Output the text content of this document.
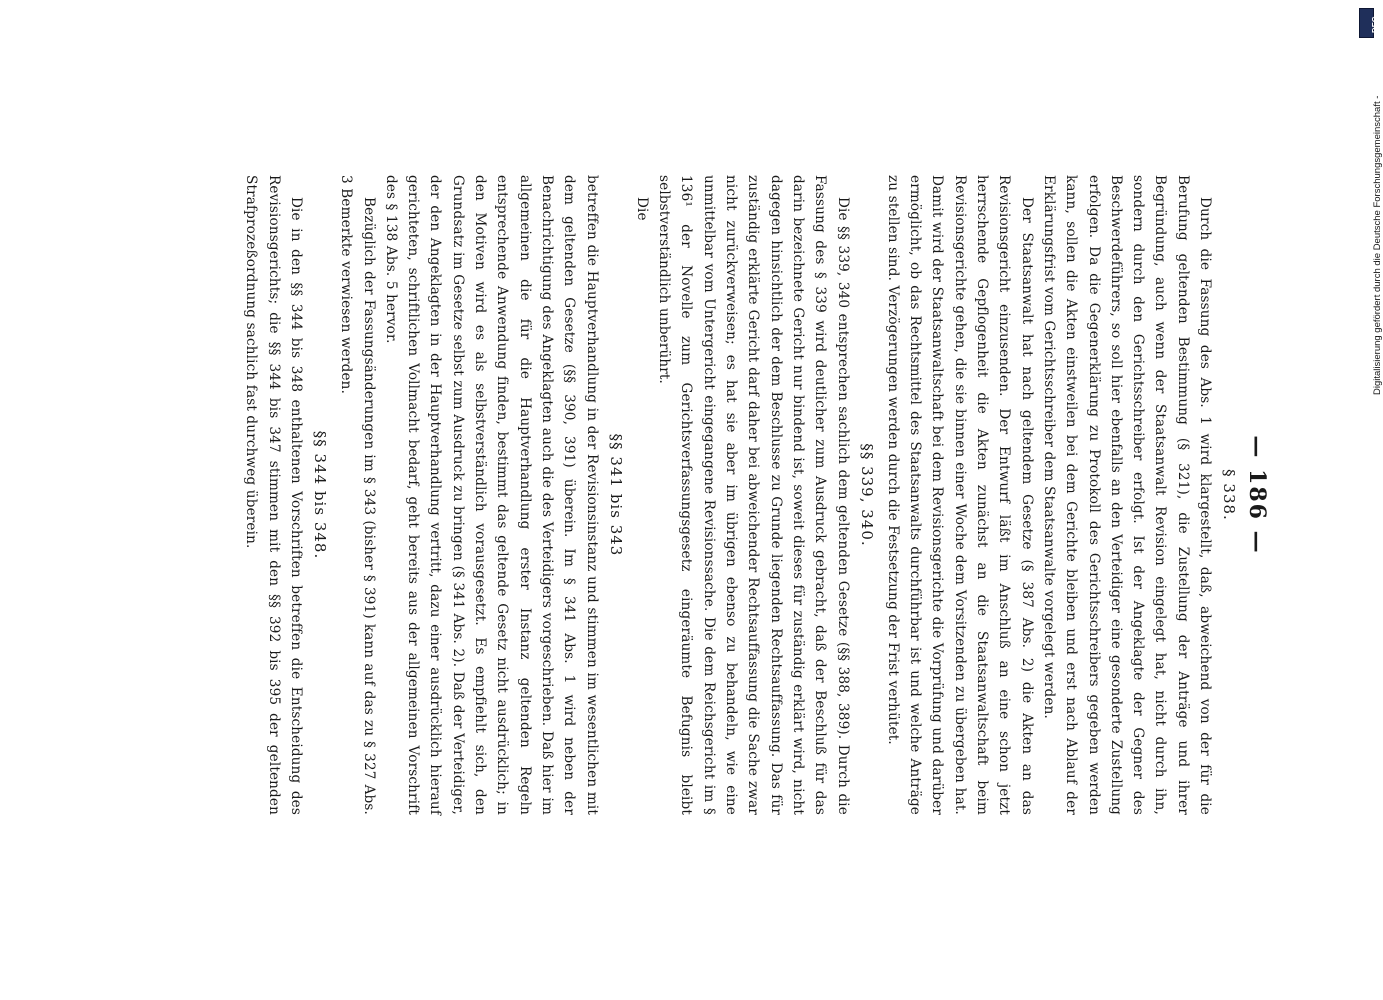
— 186 —
§ 338.

Durch die Fassung des Abs. 1 wird klargestellt, daß, abweichend von der für die Berufung geltenden Bestimmung (§ 321), die Zustellung der Anträge und ihrer Begründung, auch wenn der Staatsanwalt Revision eingelegt hat, nicht durch ihn, sondern durch den Gerichtsschreiber erfolgt. Ist der Angeklagte der Gegner des Beschwerdeführers, so soll hier ebenfalls an den Verteidiger eine gesonderte Zustellung erfolgen. Da die Gegenerklärung zu Protokoll des Gerichtsschreibers gegeben werden kann, sollen die Akten einstweilen bei dem Gerichte bleiben und erst nach Ablauf der Erklärungsfrist vom Gerichtsschreiber dem Staatsanwalte vorgelegt werden.

Der Staatsanwalt hat nach geltendem Gesetze (§ 387 Abs. 2) die Akten an das Revisionsgericht einzusenden. Der Entwurf läßt im Anschluß an eine schon jetzt herrschende Gepflogenheit die Akten zunächst an die Staatsanwaltschaft beim Revisionsgerichte gehen, die sie binnen einer Woche dem Vorsitzenden zu übergeben hat. Damit wird der Staatsanwaltschaft bei dem Revisionsgerichte die Vorprüfung und darüber ermöglicht, ob das Rechtsmittel des Staatsanwalts durchführbar ist und welche Anträge zu stellen sind. Verzögerungen werden durch die Festsetzung der Frist verhütet.

§§ 339, 340.

Die §§ 339, 340 entsprechen sachlich dem geltenden Gesetze (§§ 388, 389). Durch die Fassung des § 339 wird deutlicher zum Ausdruck gebracht, daß der Beschluß für das darin bezeichnete Gericht nur bindend ist, soweit dieses für zuständig erklärt wird, nicht dagegen hinsichtlich der dem Beschlusse zu Grunde liegenden Rechtsauffassung. Das für zuständig erklärte Gericht darf daher bei abweichender Rechtsauffassung die Sache zwar nicht zurückverweisen; es hat sie aber im übrigen ebenso zu behandeln, wie eine unmittelbar vom Untergericht eingegangene Revisionssache. Die dem Reichsgericht im § 136¹ der Novelle zum Gerichtsverfassungsgesetz eingeräumte Befugnis bleibt selbstverständlich unberührt.

Die

§§ 341 bis 343

betreffen die Hauptverhandlung in der Revisionsinstanz und stimmen im wesentlichen mit dem geltenden Gesetze (§§ 390, 391) überein. Im § 341 Abs. 1 wird neben der Benachrichtigung des Angeklagten auch die des Verteidigers vorgeschrieben. Daß hier im allgemeinen die für die Hauptverhandlung erster Instanz geltenden Regeln entsprechende Anwendung finden, bestimmt das geltende Gesetz nicht ausdrücklich; in den Motiven wird es als selbstverständlich vorausgesetzt. Es empfiehlt sich, den Grundsatz im Gesetze selbst zum Ausdruck zu bringen (§ 341 Abs. 2). Daß der Verteidiger, der den Angeklagten in der Hauptverhandlung vertritt, dazu einer ausdrücklich hierauf gerichteten, schriftlichen Vollmacht bedarf, geht bereits aus der allgemeinen Vorschrift des § 138 Abs. 5 hervor.

Bezüglich der Fassungsänderungen im § 343 (bisher § 391) kann auf das zu § 327 Abs. 3 Bemerkte verwiesen werden.

§§ 344 bis 348.

Die in den §§ 344 bis 348 enthaltenen Vorschriften betreffen die Entscheidung des Revisionsgerichts; die §§ 344 bis 347 stimmen mit den §§ 392 bis 395 der geltenden Strafprozeßordnung sachlich fast durchweg überein.

DFG
Digitalisierung gefördert durch die Deutsche Forschungsgemeinschaft -
